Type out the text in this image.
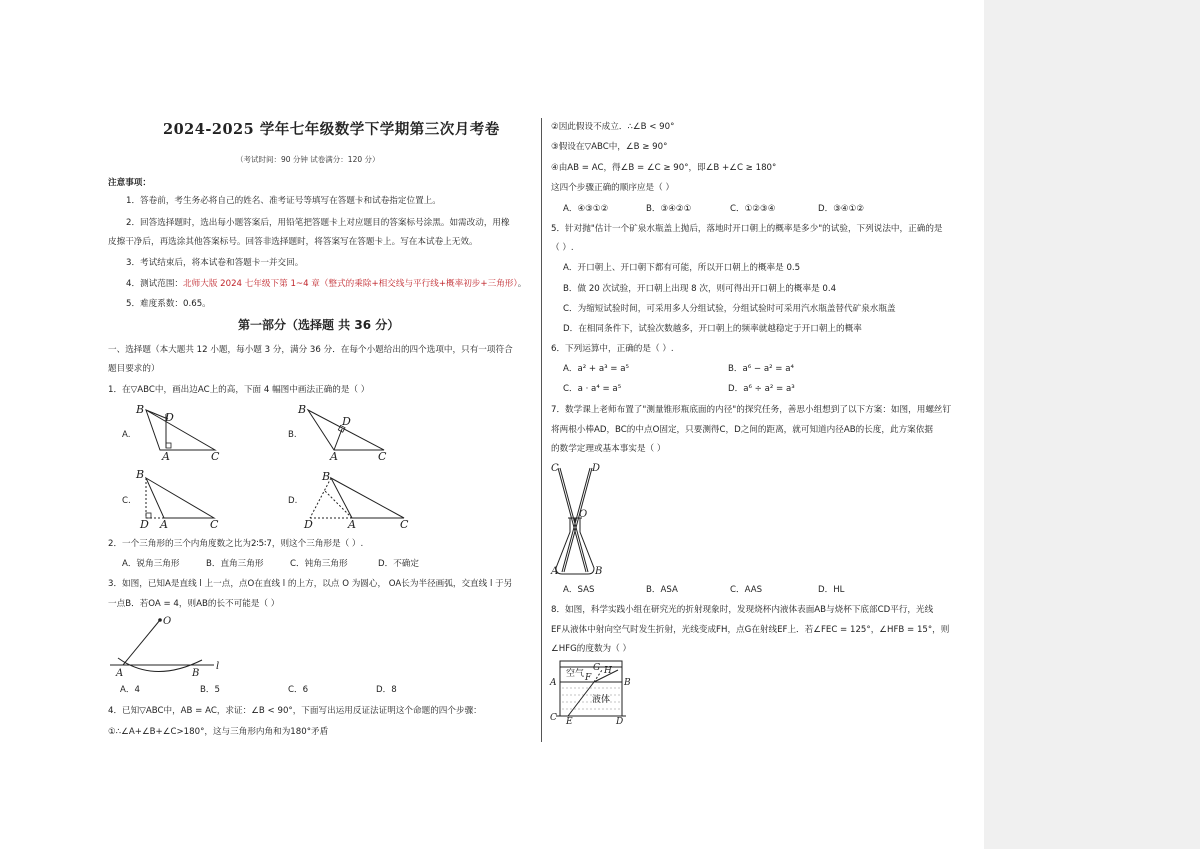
2024-2025 学年七年级数学下学期第三次月考卷
（考试时间：90 分钟 试卷满分：120 分）
注意事项：
1．答卷前，考生务必将自己的姓名、准考证号等填写在答题卡和试卷指定位置上。
2．回答选择题时，选出每小题答案后，用铅笔把答题卡上对应题目的答案标号涂黑。如需改动，用橡
皮擦干净后，再选涂其他答案标号。回答非选择题时，将答案写在答题卡上。写在本试卷上无效。
3．考试结束后，将本试卷和答题卡一并交回。
4．测试范围：北师大版 2024 七年级下第 1~4 章（整式的乘除+相交线与平行线+概率初步+三角形）。
5．难度系数：0.65。
第一部分（选择题 共 36 分）
一、选择题（本大题共 12 小题，每小题 3 分，满分 36 分．在每个小题给出的四个选项中，只有一项符合
题目要求的）
1．在▽ABC中，画出边AC上的高，下面 4 幅图中画法正确的是（ ）
A.
B
D
A	C
B.
B
D
A	C
C.
B
D A	C
D.
B
D	A	C
2．一个三角形的三个内角度数之比为2∶5∶7，则这个三角形是（ ）.
A．锐角三角形	B．直角三角形	C．钝角三角形	D．不确定
3．如图，已知A是直线 l 上一点，点O在直线 l 的上方，以点 O 为圆心， OA长为半径画弧，交直线 l 于另
一点B．若OA = 4，则AB的长不可能是（ ）
O
A	B
l
A．4	B．5	C．6	D．8
4．已知▽ABC中，AB = AC，求证：∠B < 90°，下面写出运用反证法证明这个命题的四个步骤：
①∴∠A+∠B+∠C>180°，这与三角形内角和为180°矛盾
②因此假设不成立．∴∠B < 90°
③假设在▽ABC中，∠B ≥ 90°
④由AB = AC，得∠B = ∠C ≥ 90°，即∠B +∠C ≥ 180°
这四个步骤正确的顺序应是（ ）
A．④③①②	B．③④②①	C．①②③④	D．③④①②
5．针对抛"估计一个矿泉水瓶盖上抛后，落地时开口朝上的概率是多少"的试验，下列说法中，正确的是
（ ）.
A．开口朝上、开口朝下都有可能，所以开口朝上的概率是 0.5
B．做 20 次试验，开口朝上出现 8 次，则可得出开口朝上的概率是 0.4
C．为缩短试验时间，可采用多人分组试验，分组试验时可采用汽水瓶盖替代矿泉水瓶盖
D．在相同条件下，试验次数越多，开口朝上的频率就越稳定于开口朝上的概率
6．下列运算中，正确的是（ ）.
A．a² + a³ = a⁵	B．a⁶ − a² = a⁴
C．a · a⁴ = a⁵	D．a⁶ ÷ a² = a³
7．数学课上老师布置了"测量锥形瓶底面的内径"的探究任务，善思小组想到了以下方案：如图，用螺丝钉
将两根小棒AD，BC的中点O固定，只要测得C，D之间的距离，就可知道内径AB的长度，此方案依据
的数学定理或基本事实是（ ）
C	D
O
A	B
A．SAS	B．ASA	C．AAS	D．HL
8．如图，科学实践小组在研究光的折射现象时，发现烧杯内液体表面AB与烧杯下底部CD平行，光线
EF从液体中射向空气时发生折射，光线变成FH，点G在射线EF上．若∠FEC = 125°，∠HFB = 15°，则
∠HFG的度数为（ ）
空气
液体
A	B
C	D
E
F
G H
